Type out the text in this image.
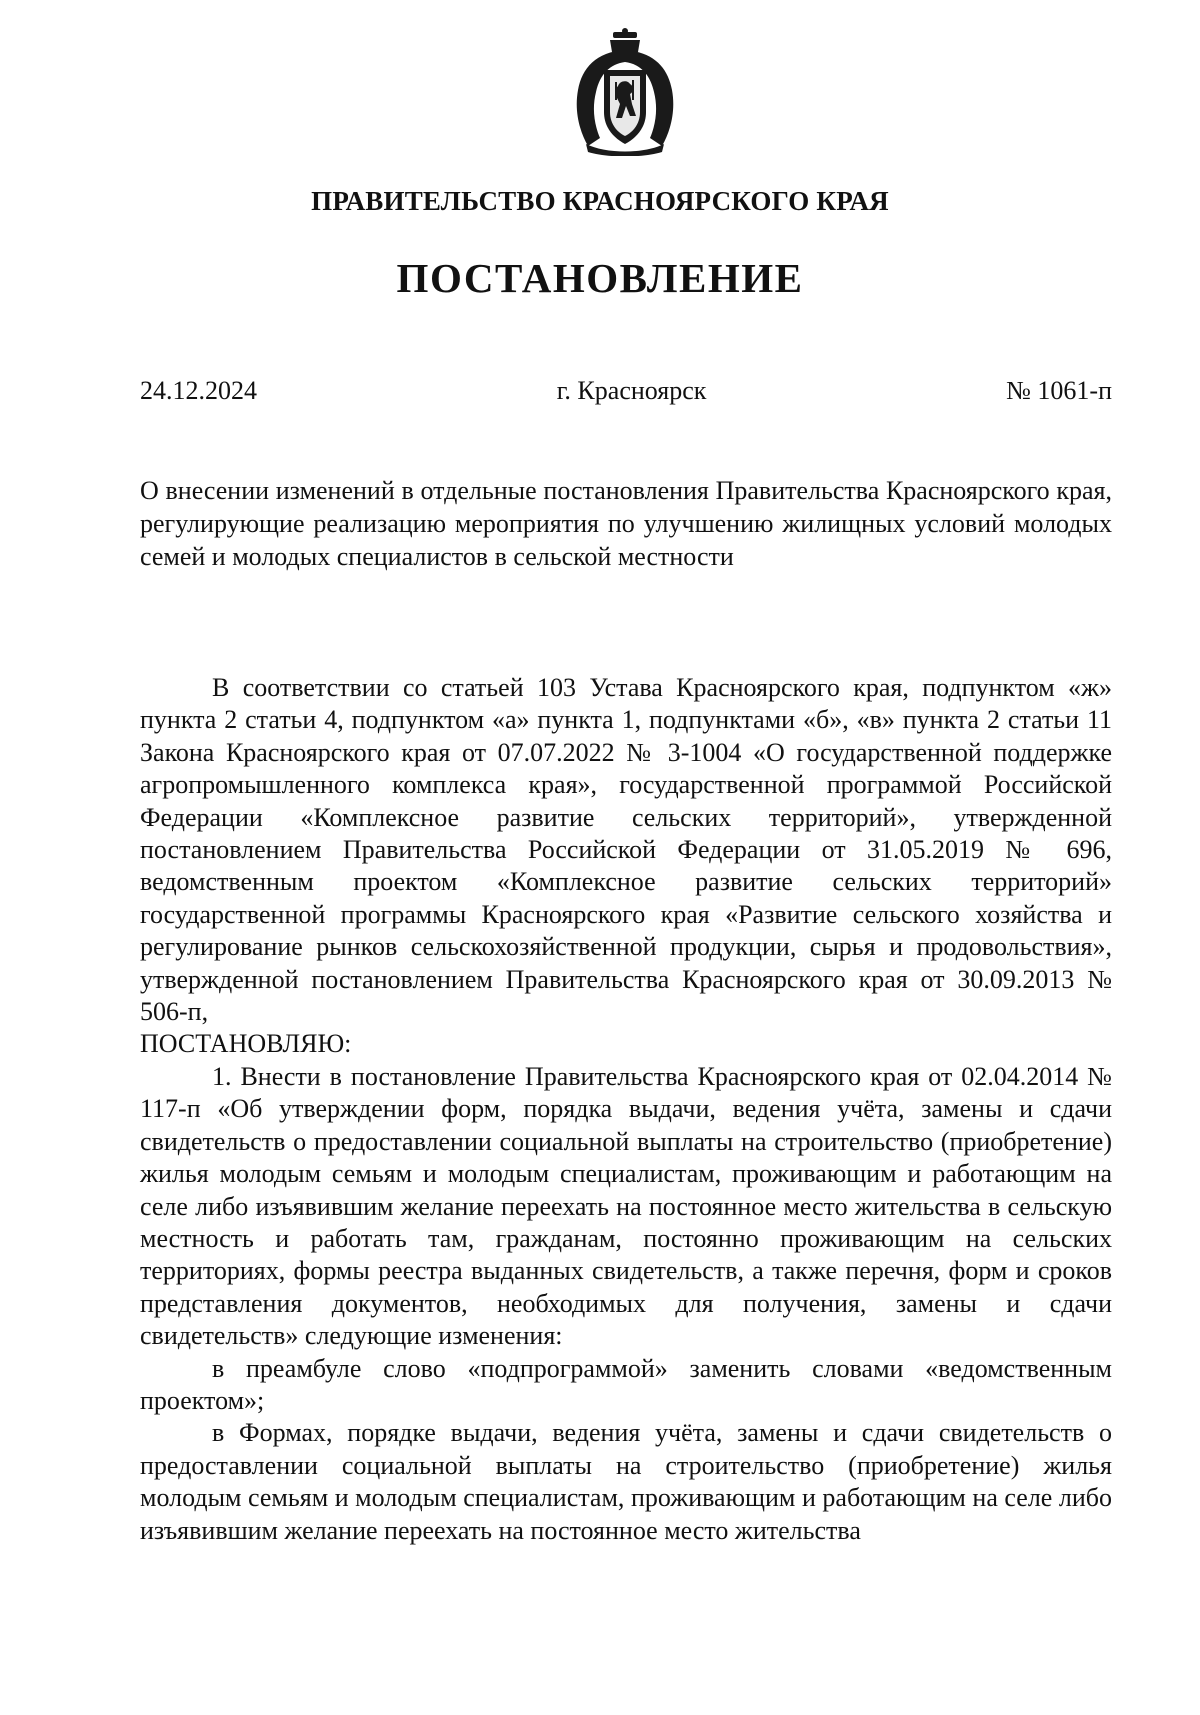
ПРАВИТЕЛЬСТВО КРАСНОЯРСКОГО КРАЯ
ПОСТАНОВЛЕНИЕ
24.12.2024	г. Красноярск	№ 1061-п
О внесении изменений в отдельные постановления Правительства Красноярского края, регулирующие реализацию мероприятия по улучшению жилищных условий молодых семей и молодых специалистов в сельской местности

В соответствии со статьей 103 Устава Красноярского края, подпунктом «ж» пункта 2 статьи 4, подпунктом «а» пункта 1, подпунктами «б», «в» пункта 2 статьи 11 Закона Красноярского края от 07.07.2022 № 3-1004 «О государственной поддержке агропромышленного комплекса края», государственной программой Российской Федерации «Комплексное развитие сельских территорий», утвержденной постановлением Правительства Российской Федерации от 31.05.2019 № 696, ведомственным проектом «Комплексное развитие сельских территорий» государственной программы Красноярского края «Развитие сельского хозяйства и регулирование рынков сельскохозяйственной продукции, сырья и продовольствия», утвержденной постановлением Правительства Красноярского края от 30.09.2013 № 506-п,

ПОСТАНОВЛЯЮ:

1. Внести в постановление Правительства Красноярского края от 02.04.2014 № 117-п «Об утверждении форм, порядка выдачи, ведения учёта, замены и сдачи свидетельств о предоставлении социальной выплаты на строительство (приобретение) жилья молодым семьям и молодым специалистам, проживающим и работающим на селе либо изъявившим желание переехать на постоянное место жительства в сельскую местность и работать там, гражданам, постоянно проживающим на сельских территориях, формы реестра выданных свидетельств, а также перечня, форм и сроков представления документов, необходимых для получения, замены и сдачи свидетельств» следующие изменения:

в преамбуле слово «подпрограммой» заменить словами «ведомственным проектом»;

в Формах, порядке выдачи, ведения учёта, замены и сдачи свидетельств о предоставлении социальной выплаты на строительство (приобретение) жилья молодым семьям и молодым специалистам, проживающим и работающим на селе либо изъявившим желание переехать на постоянное место жительства
